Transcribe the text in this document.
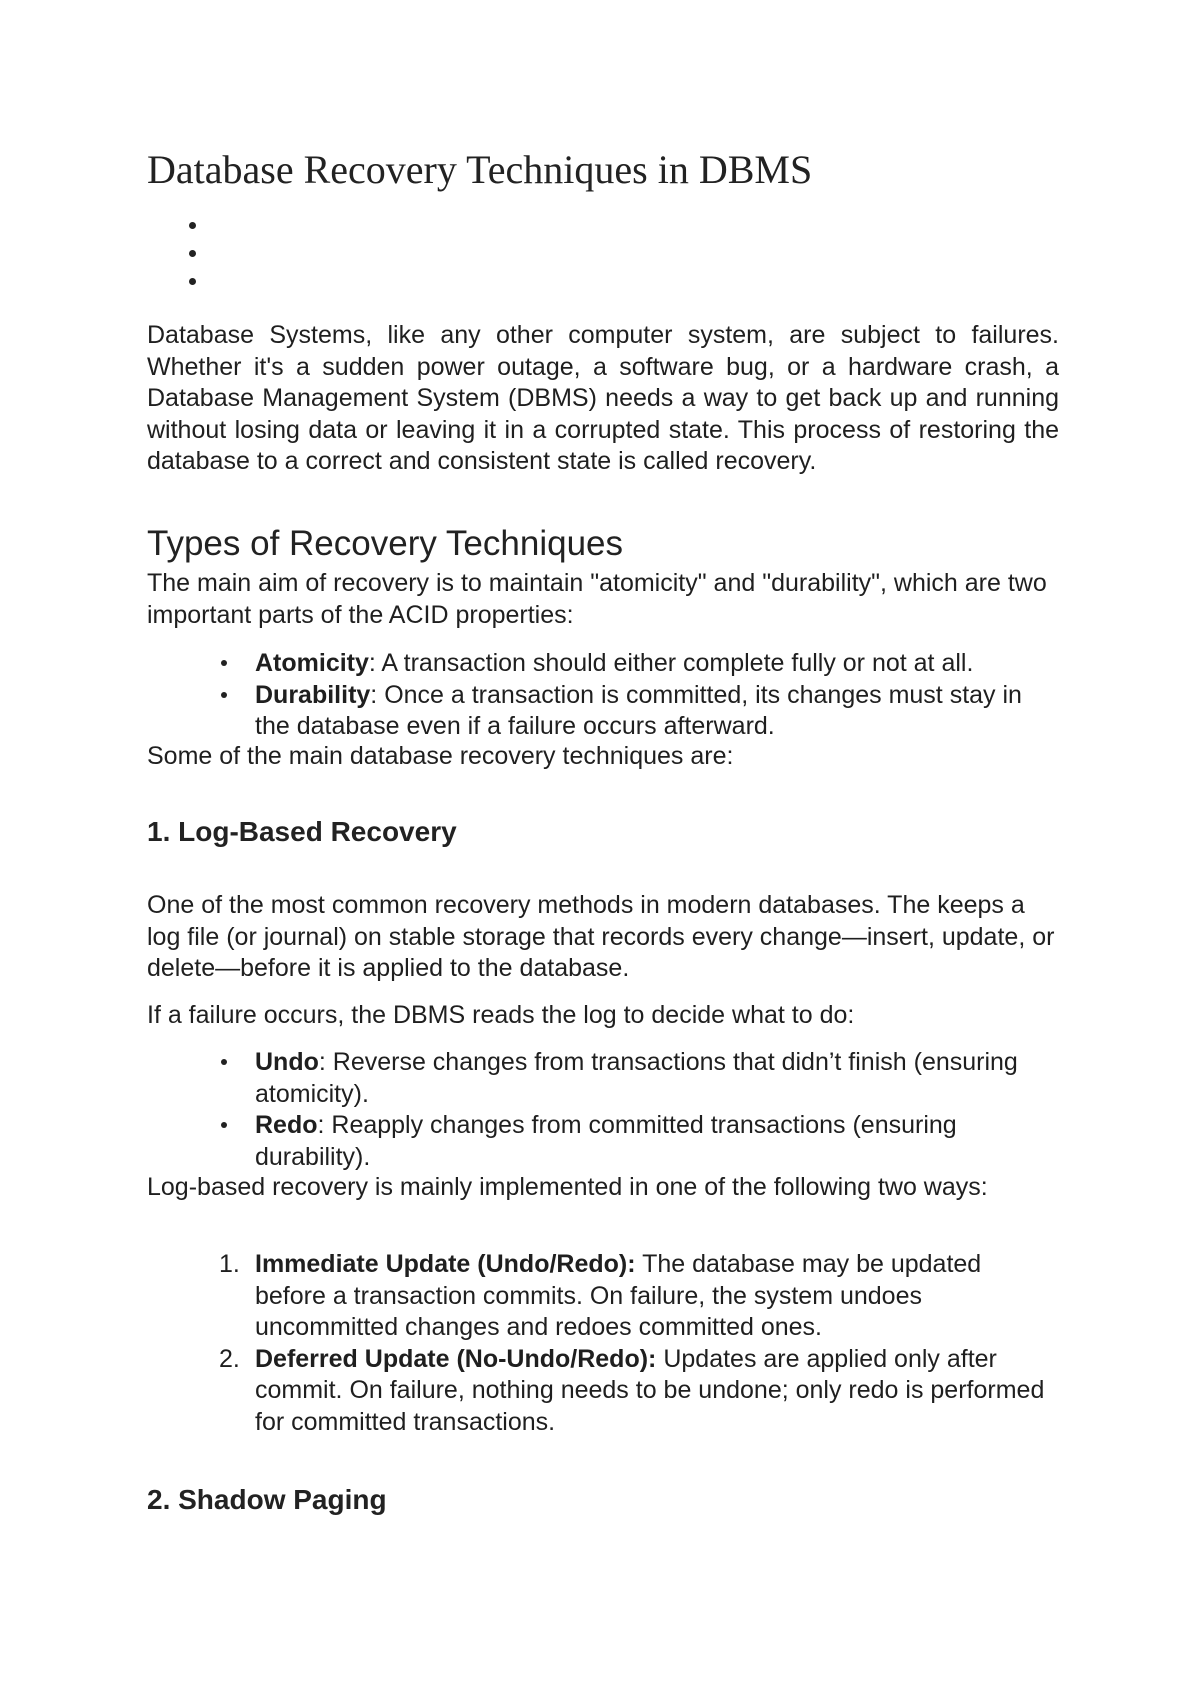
Database Recovery Techniques in DBMS

Database Systems, like any other computer system, are subject to failures. Whether it's a sudden power outage, a software bug, or a hardware crash, a Database Management System (DBMS) needs a way to get back up and running without losing data or leaving it in a corrupted state. This process of restoring the database to a correct and consistent state is called recovery.

Types of Recovery Techniques

The main aim of recovery is to maintain "atomicity" and "durability", which are two important parts of the ACID properties:

Atomicity: A transaction should either complete fully or not at all.
Durability: Once a transaction is committed, its changes must stay in the database even if a failure occurs afterward.

Some of the main database recovery techniques are:

1. Log-Based Recovery

One of the most common recovery methods in modern databases. The keeps a log file (or journal) on stable storage that records every change—insert, update, or delete—before it is applied to the database.

If a failure occurs, the DBMS reads the log to decide what to do:

Undo: Reverse changes from transactions that didn’t finish (ensuring atomicity).
Redo: Reapply changes from committed transactions (ensuring durability).

Log-based recovery is mainly implemented in one of the following two ways:

1. Immediate Update (Undo/Redo): The database may be updated before a transaction commits. On failure, the system undoes uncommitted changes and redoes committed ones.
2. Deferred Update (No-Undo/Redo): Updates are applied only after commit. On failure, nothing needs to be undone; only redo is performed for committed transactions.
2. Shadow Paging
